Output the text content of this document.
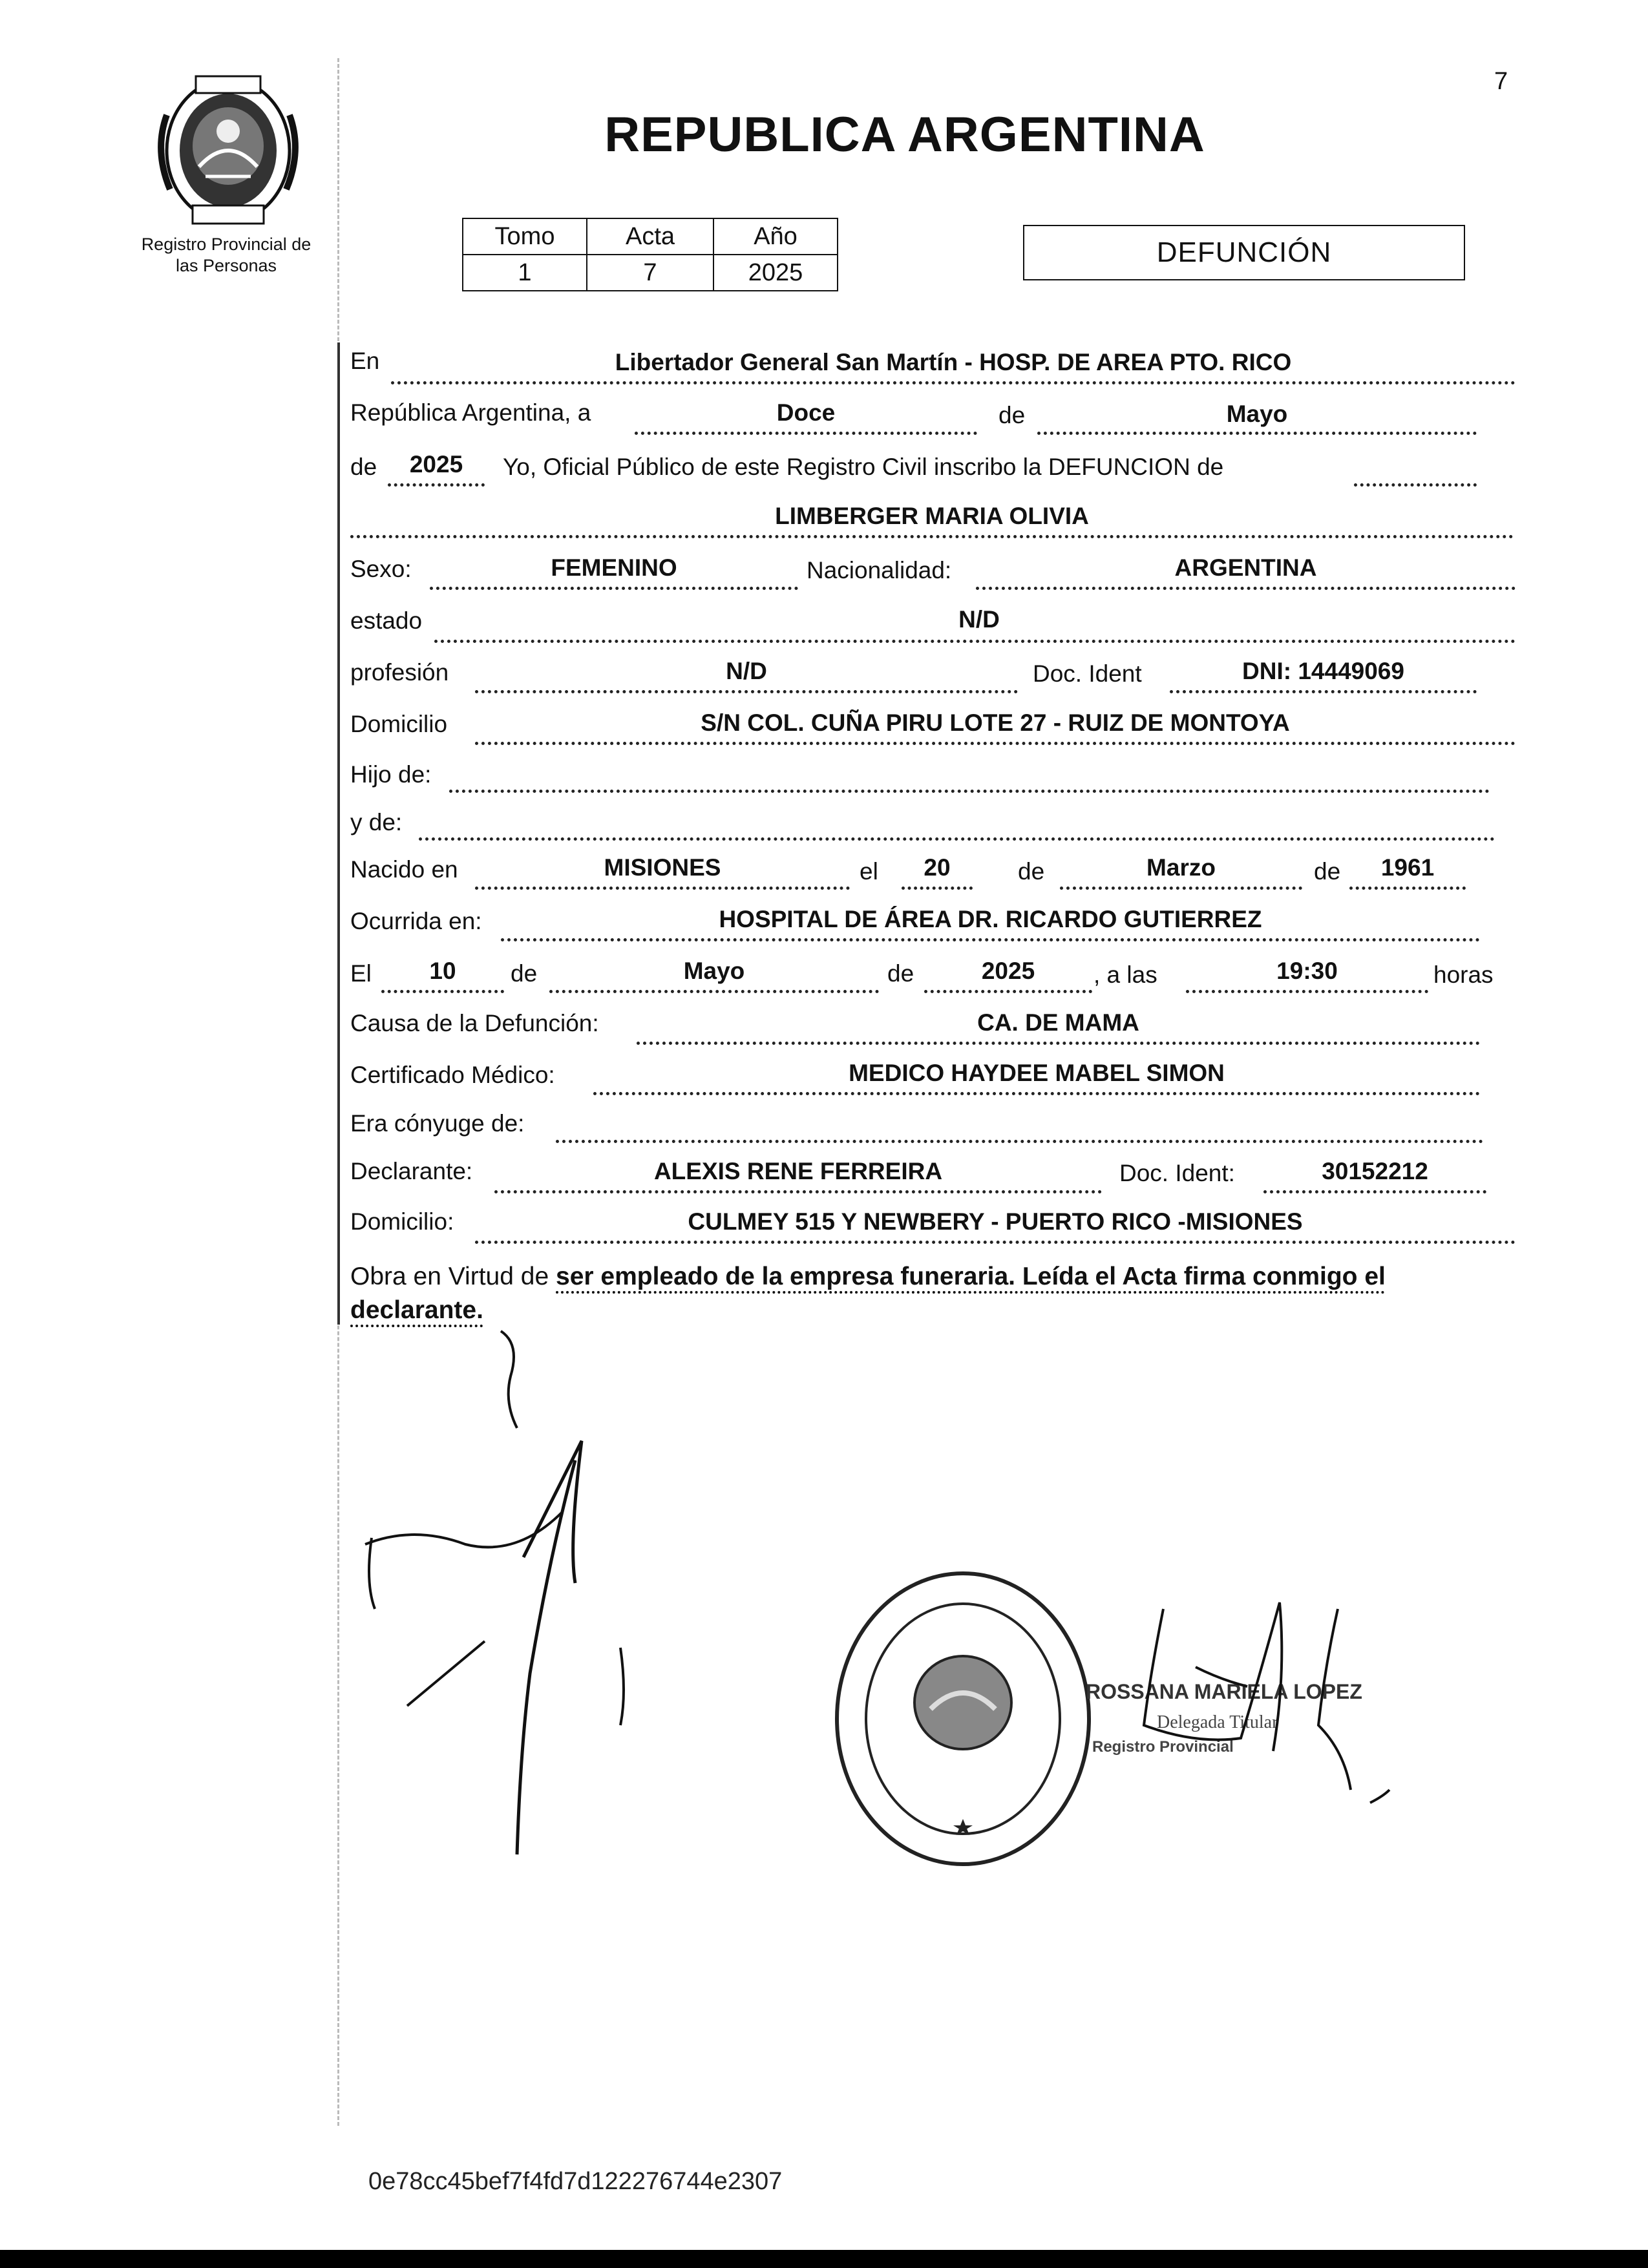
Registro Provincial de
las Personas
7
REPUBLICA ARGENTINA
Tomo	Acta	Año
1	7	2025
DEFUNCIÓN
En	Libertador General San Martín - HOSP. DE AREA PTO. RICO
República Argentina, a	Doce	de	Mayo
de	2025	Yo, Oficial Público de este Registro Civil inscribo la DEFUNCION de
LIMBERGER MARIA OLIVIA
Sexo:	FEMENINO	Nacionalidad:	ARGENTINA
estado	N/D
profesión	N/D	Doc. Ident	DNI: 14449069
Domicilio	S/N COL. CUÑA PIRU LOTE 27 - RUIZ DE MONTOYA
Hijo de:
y de:
Nacido en	MISIONES	el	20	de	Marzo	de	1961
Ocurrida en:	HOSPITAL DE ÁREA DR. RICARDO GUTIERREZ
El	10	de	Mayo	de	2025	, a las	19:30	horas
Causa de la Defunción:	CA. DE MAMA
Certificado Médico:	MEDICO HAYDEE MABEL SIMON
Era cónyuge de:
Declarante:	ALEXIS RENE FERREIRA	Doc. Ident:	30152212
Domicilio:	CULMEY 515 Y NEWBERY - PUERTO RICO -MISIONES
Obra en Virtud de ser empleado de la empresa funeraria. Leída el Acta firma conmigo el declarante.
ROSSANA MARIELA LOPEZ
Delegada Titular
Registro Provincial
0e78cc45bef7f4fd7d122276744e2307
